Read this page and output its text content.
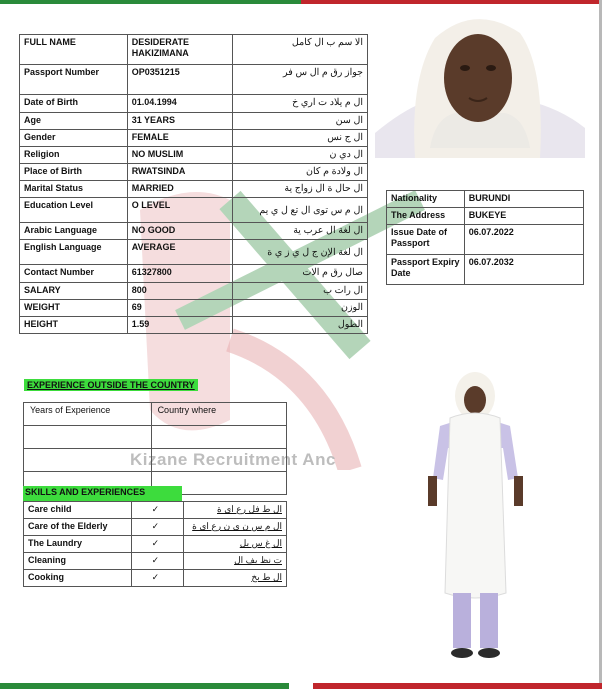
Kizane Recruitment Anc
FULL NAME	DESIDERATE HAKIZIMANA	الا سم ب ال كامل
Passport Number	OP0351215	جواز رق م ال س فر
Date of Birth	01.04.1994	ال م يلاد ت اري خ
Age	31 YEARS	ال سن
Gender	FEMALE	ال ج نس
Religion	NO MUSLIM	ال دي ن
Place of Birth	RWATSINDA	ال ولادة م كان
Marital Status	MARRIED	ال حال ة ال زواج ية
Education Level	O LEVEL	ال م س توى ال تع ل ي يم
Arabic Language	NO GOOD	ال لغة ال عرب ية
English Language	AVERAGE	ال لغة الإن ج ل ي ز ي ة
Contact Number	61327800	صال رق م الات
SALARY	800	ال رات ب
WEIGHT	69	الوزن
HEIGHT	1.59	الطول
Nationality	BURUNDI
The Address	BUKEYE
Issue Date of Passport	06.07.2022
Passport Expiry Date	06.07.2032
EXPERIENCE OUTSIDE THE COUNTRY
Years of Experience	Country where

SKILLS AND EXPERIENCES
Care child	✓	ال ط فل رع اي ة
Care of the Elderly	✓	ال م س ن ي ن رع اي ة
The Laundry	✓	ال غ س يل
Cleaning	✓	ت نظ يف ال
Cooking	✓	ال ط بخ
